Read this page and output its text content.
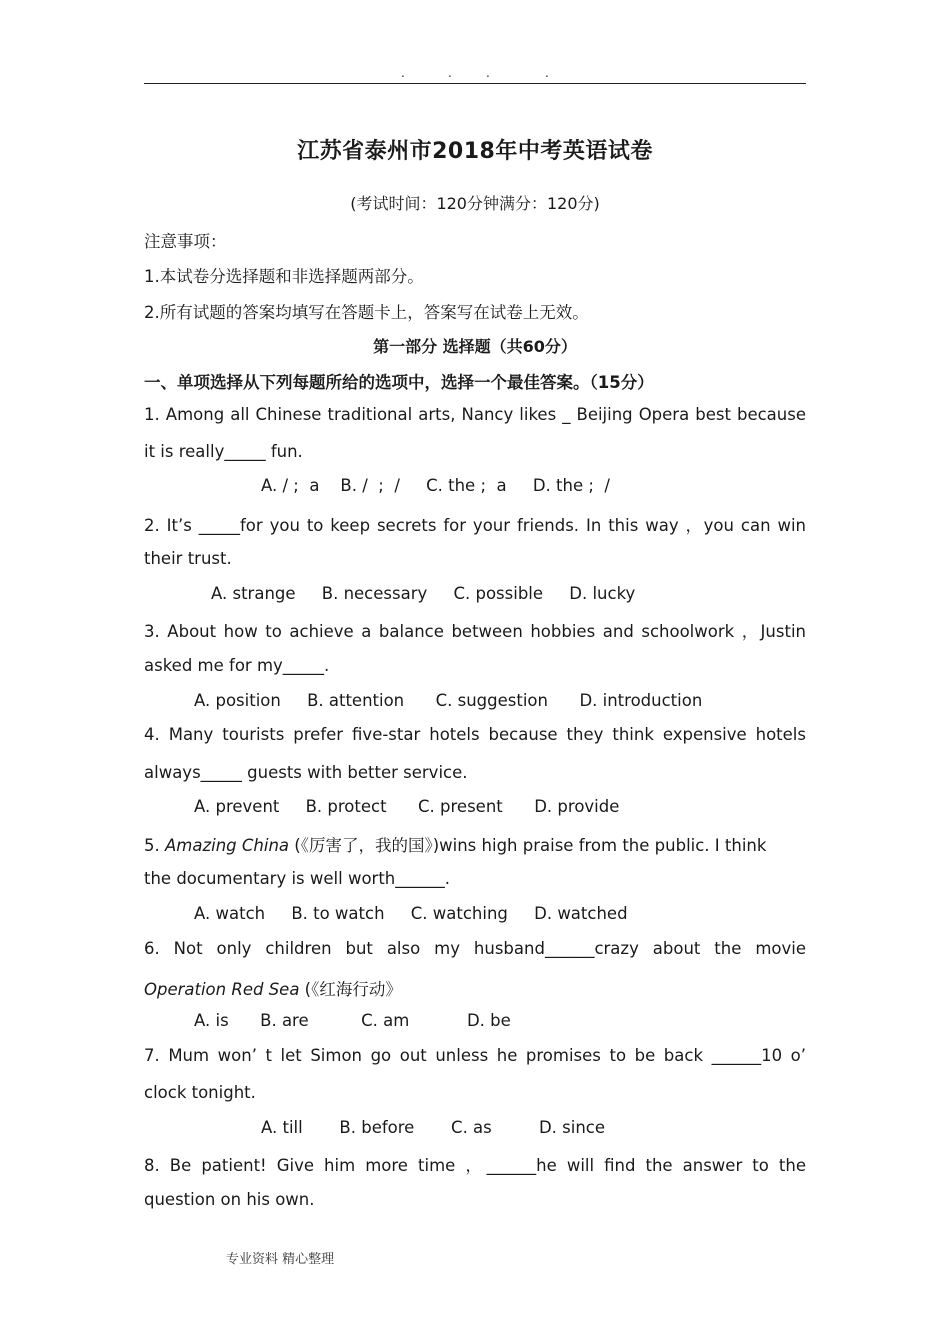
.	.	.	.
江苏省泰州市2018年中考英语试卷
(考试时间：120分钟满分：120分)
注意事项：
1.本试卷分选择题和非选择题两部分。
2.所有试题的答案均填写在答题卡上，答案写在试卷上无效。
第一部分 选择题（共60分）
一、单项选择从下列每题所给的选项中，选择一个最佳答案。（15分）
1. Among all Chinese traditional arts, Nancy likes _ Beijing Opera best because
it is really_____ fun.
A. / ;  a    B. /  ;  /     C. the ;  a     D. the ;  /
2. It’s _____for you to keep secrets for your friends. In this way ，you can win
their trust.
A. strange     B. necessary     C. possible     D. lucky
3. About how to achieve a balance between hobbies and schoolwork ，Justin
asked me for my_____.
A. position     B. attention      C. suggestion      D. introduction
4. Many tourists prefer five-star hotels because they think expensive hotels
always_____ guests with better service.
A. prevent     B. protect      C. present      D. provide
5. Amazing China (《厉害了，我的国》)wins high praise from the public. I think
the documentary is well worth______.
A. watch     B. to watch     C. watching     D. watched
6. Not only children but also my husband______crazy about the movie
Operation Red Sea (《红海行动》
A. is      B. are          C. am           D. be
7. Mum won’ t let Simon go out unless he promises to be back ______10 o’
clock tonight.
A. till       B. before       C. as         D. since
8. Be patient! Give him more time ，______he will find the answer to the
question on his own.
专业资料 精心整理
